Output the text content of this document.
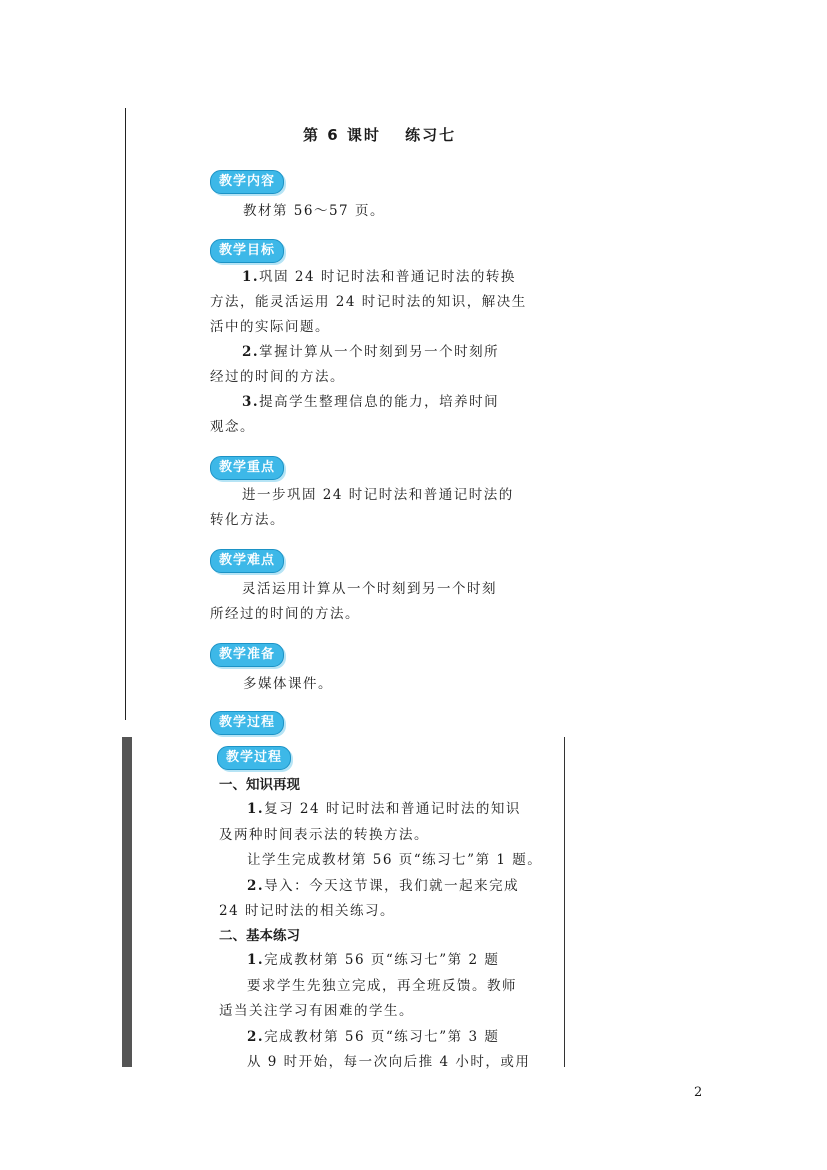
第 6 课时　 练习七
教学内容
教材第 56～57 页。
教学目标
1.巩固 24 时记时法和普通记时法的转换
方法，能灵活运用 24 时记时法的知识，解决生
活中的实际问题。
2.掌握计算从一个时刻到另一个时刻所
经过的时间的方法。
3.提高学生整理信息的能力，培养时间
观念。
教学重点
进一步巩固 24 时记时法和普通记时法的
转化方法。
教学难点
灵活运用计算从一个时刻到另一个时刻
所经过的时间的方法。
教学准备
多媒体课件。
教学过程
教学过程
一、知识再现
1.复习 24 时记时法和普通记时法的知识
及两种时间表示法的转换方法。
让学生完成教材第 56 页“练习七”第 1 题。
2.导入：今天这节课，我们就一起来完成
24 时记时法的相关练习。
二、基本练习
1.完成教材第 56 页“练习七”第 2 题
要求学生先独立完成，再全班反馈。教师
适当关注学习有困难的学生。
2.完成教材第 56 页“练习七”第 3 题
从 9 时开始，每一次向后推 4 小时，或用
2
